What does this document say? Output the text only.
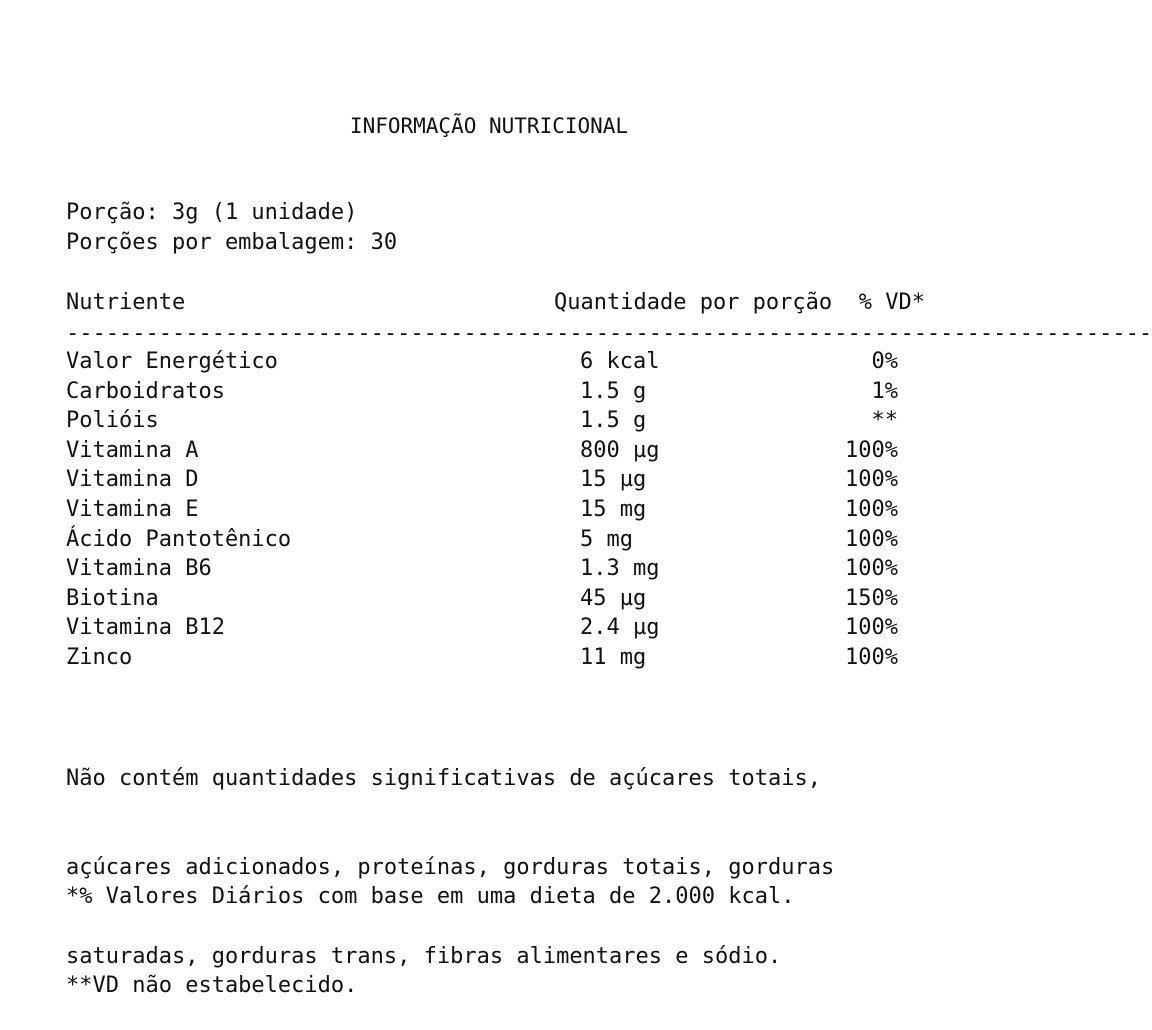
INFORMAÇÃO NUTRICIONAL
Porção: 3g (1 unidade)
Porções por embalagem: 30
Nutriente	Quantidade por porção	% VD*
----------------------------------------------------------------------------------
Valor Energético	6 kcal	0%
Carboidratos	1.5 g	1%
Polióis	1.5 g	**
Vitamina A	800 µg	100%
Vitamina D	15 µg	100%
Vitamina E	15 mg	100%
Ácido Pantotênico	5 mg	100%
Vitamina B6	1.3 mg	100%
Biotina	45 µg	150%
Vitamina B12	2.4 µg	100%
Zinco	11 mg	100%

Não contém quantidades significativas de açúcares totais,

açúcares adicionados, proteínas, gorduras totais, gorduras

saturadas, gorduras trans, fibras alimentares e sódio.

*% Valores Diários com base em uma dieta de 2.000 kcal.

**VD não estabelecido.
